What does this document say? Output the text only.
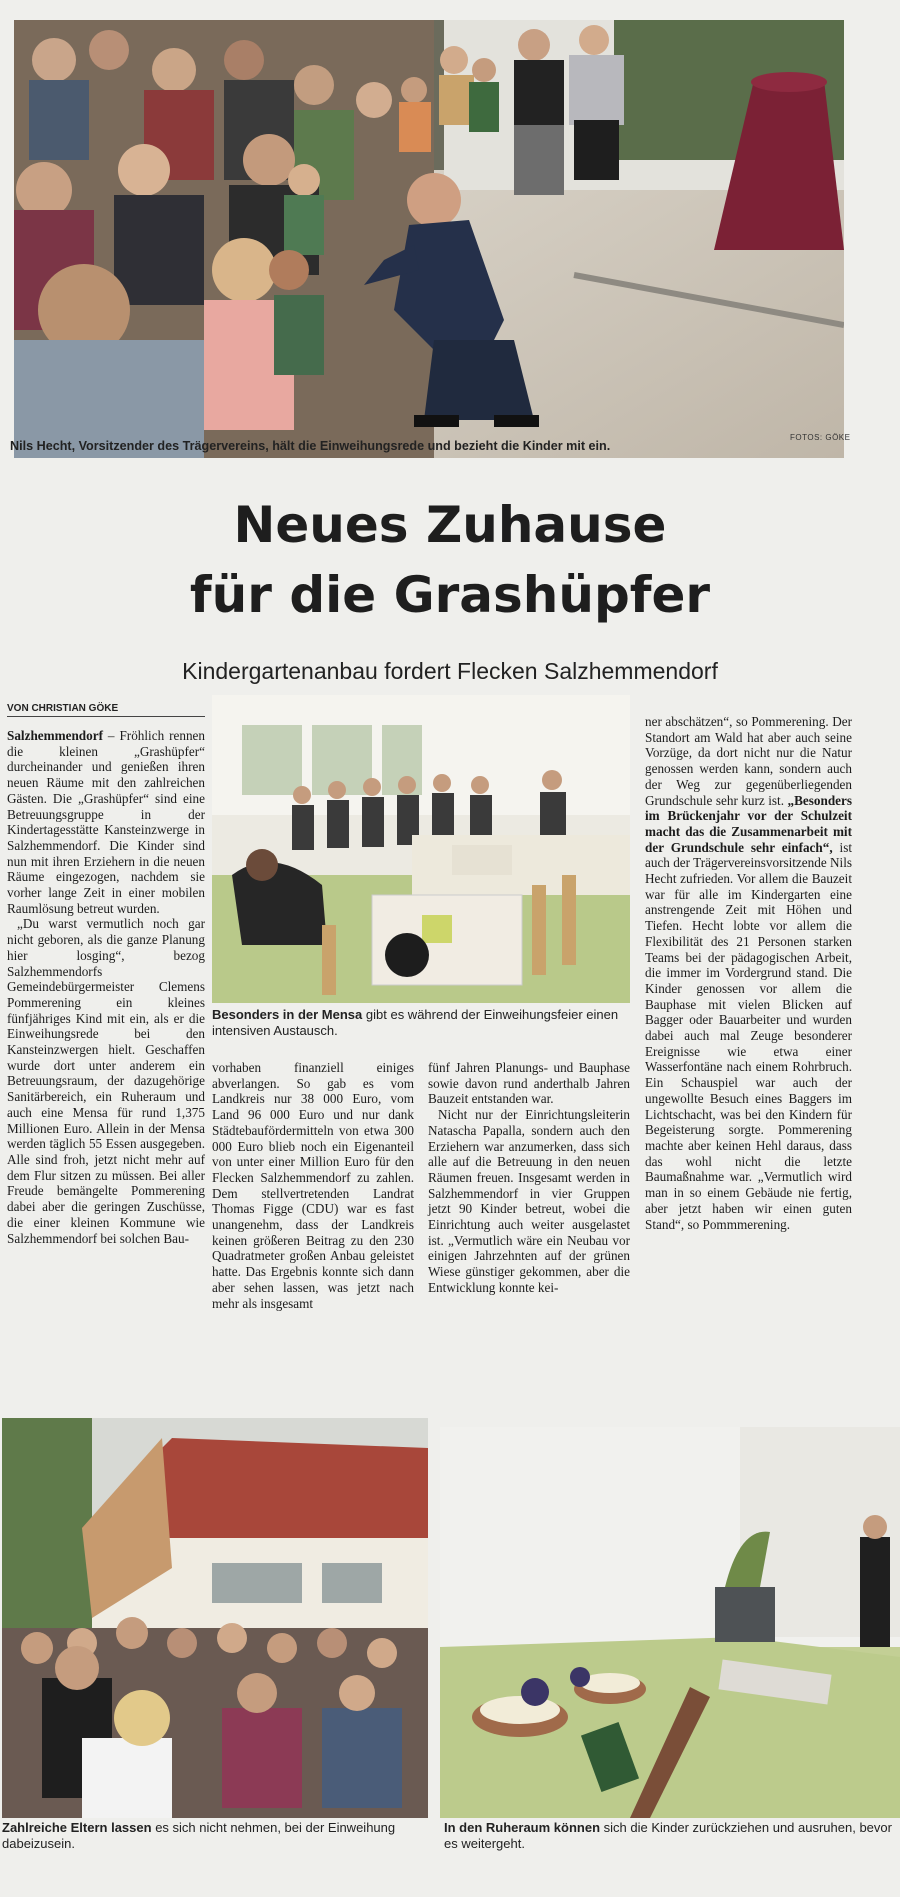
FOTOS: GÖKE
Nils Hecht, Vorsitzender des Trägervereins, hält die Einweihungsrede und bezieht die Kinder mit ein.
Neues Zuhause
für die Grashüpfer
Kindergartenanbau fordert Flecken Salzhemmendorf
VON CHRISTIAN GÖKE

Salzhemmendorf – Fröhlich rennen die kleinen „Grashüpfer“ durcheinander und genießen ihren neuen Räume mit den zahlreichen Gästen. Die „Grashüpfer“ sind eine Betreuungsgruppe in der Kindertagesstätte Kansteinzwerge in Salzhemmendorf. Die Kinder sind nun mit ihren Erziehern in die neuen Räume eingezogen, nachdem sie vorher lange Zeit in einer mobilen Raumlösung betreut wurden.

„Du warst vermutlich noch gar nicht geboren, als die ganze Planung hier losging“, bezog Salzhemmendorfs Gemeindebürgermeister Clemens Pommerening ein kleines fünfjähriges Kind mit ein, als er die Einweihungsrede bei den Kansteinzwergen hielt. Geschaffen wurde dort unter anderem ein Betreuungsraum, der dazugehörige Sanitärbereich, ein Ruheraum und auch eine Mensa für rund 1,375 Millionen Euro. Allein in der Mensa werden täglich 55 Essen ausgegeben. Alle sind froh, jetzt nicht mehr auf dem Flur sitzen zu müssen. Bei aller Freude bemängelte Pommerening dabei aber die geringen Zuschüsse, die einer kleinen Kommune wie Salzhemmendorf bei solchen Bau-

Besonders in der Mensa gibt es während der Einweihungsfeier einen intensiven Austausch.

vorhaben finanziell einiges abverlangen. So gab es vom Landkreis nur 38 000 Euro, vom Land 96 000 Euro und nur dank Städtebaufördermitteln von etwa 300 000 Euro blieb noch ein Eigenanteil von unter einer Million Euro für den Flecken Salzhemmendorf zu zahlen. Dem stellvertretenden Landrat Thomas Figge (CDU) war es fast unangenehm, dass der Landkreis keinen größeren Beitrag zu den 230 Quadratmeter großen Anbau geleistet hatte. Das Ergebnis konnte sich dann aber sehen lassen, was jetzt nach mehr als insgesamt

fünf Jahren Planungs- und Bauphase sowie davon rund anderthalb Jahren Bauzeit entstanden war.

Nicht nur der Einrichtungsleiterin Natascha Papalla, sondern auch den Erziehern war anzumerken, dass sich alle auf die Betreuung in den neuen Räumen freuen. Insgesamt werden in Salzhemmendorf in vier Gruppen jetzt 90 Kinder betreut, wobei die Einrichtung auch weiter ausgelastet ist. „Vermutlich wäre ein Neubau vor einigen Jahrzehnten auf der grünen Wiese günstiger gekommen, aber die Entwicklung konnte kei-

ner abschätzen“, so Pommerening. Der Standort am Wald hat aber auch seine Vorzüge, da dort nicht nur die Natur genossen werden kann, sondern auch der Weg zur gegenüberliegenden Grundschule sehr kurz ist. „Besonders im Brückenjahr vor der Schulzeit macht das die Zusammenarbeit mit der Grundschule sehr einfach“, ist auch der Trägervereinsvorsitzende Nils Hecht zufrieden. Vor allem die Bauzeit war für alle im Kindergarten eine anstrengende Zeit mit Höhen und Tiefen. Hecht lobte vor allem die Flexibilität des 21 Personen starken Teams bei der pädagogischen Arbeit, die immer im Vordergrund stand. Die Kinder genossen vor allem die Bauphase mit vielen Blicken auf Bagger oder Bauarbeiter und wurden dabei auch mal Zeuge besonderer Ereignisse wie etwa einer Wasserfontäne nach einem Rohrbruch. Ein Schauspiel war auch der ungewollte Besuch eines Baggers im Lichtschacht, was bei den Kindern für Begeisterung sorgte. Pommerening machte aber keinen Hehl daraus, dass das wohl nicht die letzte Baumaßnahme war. „Vermutlich wird man in so einem Gebäude nie fertig, aber jetzt haben wir einen guten Stand“, so Pommmerening.

Zahlreiche Eltern lassen es sich nicht nehmen, bei der Einweihung dabeizusein.
In den Ruheraum können sich die Kinder zurückziehen und ausruhen, bevor es weitergeht.
